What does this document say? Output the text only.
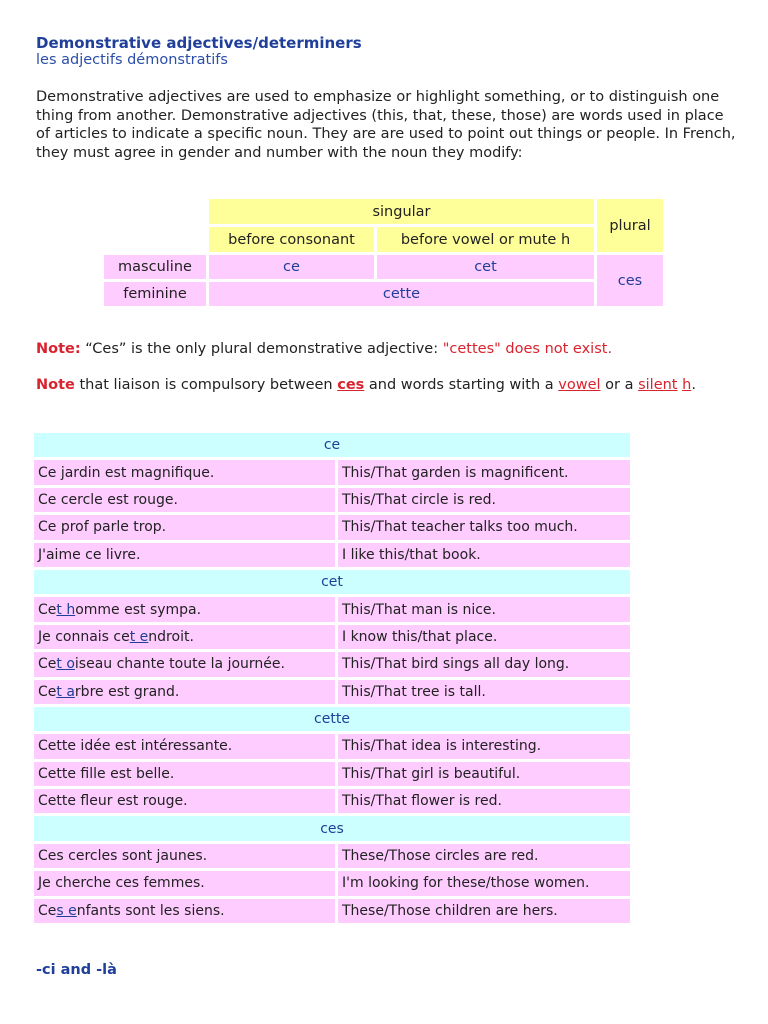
Demonstrative adjectives/determiners
les adjectifs démonstratifs
Demonstrative adjectives are used to emphasize or highlight something, or to distinguish one thing from another. Demonstrative adjectives (this, that, these, those) are words used in place of articles to indicate a specific noun. They are are used to point out things or people. In French, they must agree in gender and number with the noun they modify:
	singular		plural
	before consonant	before vowel or mute h	
masculine	ce	cet	ces
feminine	cette		
Note: “Ces” is the only plural demonstrative adjective: "cettes" does not exist.
Note that liaison is compulsory between ces and words starting with a vowel or a silent h.
ce	
Ce jardin est magnifique.	This/That garden is magnificent.
Ce cercle est rouge.	This/That circle is red.
Ce prof parle trop.	This/That teacher talks too much.
J'aime ce livre.	I like this/that book.
cet	
Cet homme est sympa.	This/That man is nice.
Je connais cet endroit.	I know this/that place.
Cet oiseau chante toute la journée.	This/That bird sings all day long.
Cet arbre est grand.	This/That tree is tall.
cette	
Cette idée est intéressante.	This/That idea is interesting.
Cette fille est belle.	This/That girl is beautiful.
Cette fleur est rouge.	This/That flower is red.
ces	
Ces cercles sont jaunes.	These/Those circles are red.
Je cherche ces femmes.	I'm looking for these/those women.
Ces enfants sont les siens.	These/Those children are hers.
-ci and -là
